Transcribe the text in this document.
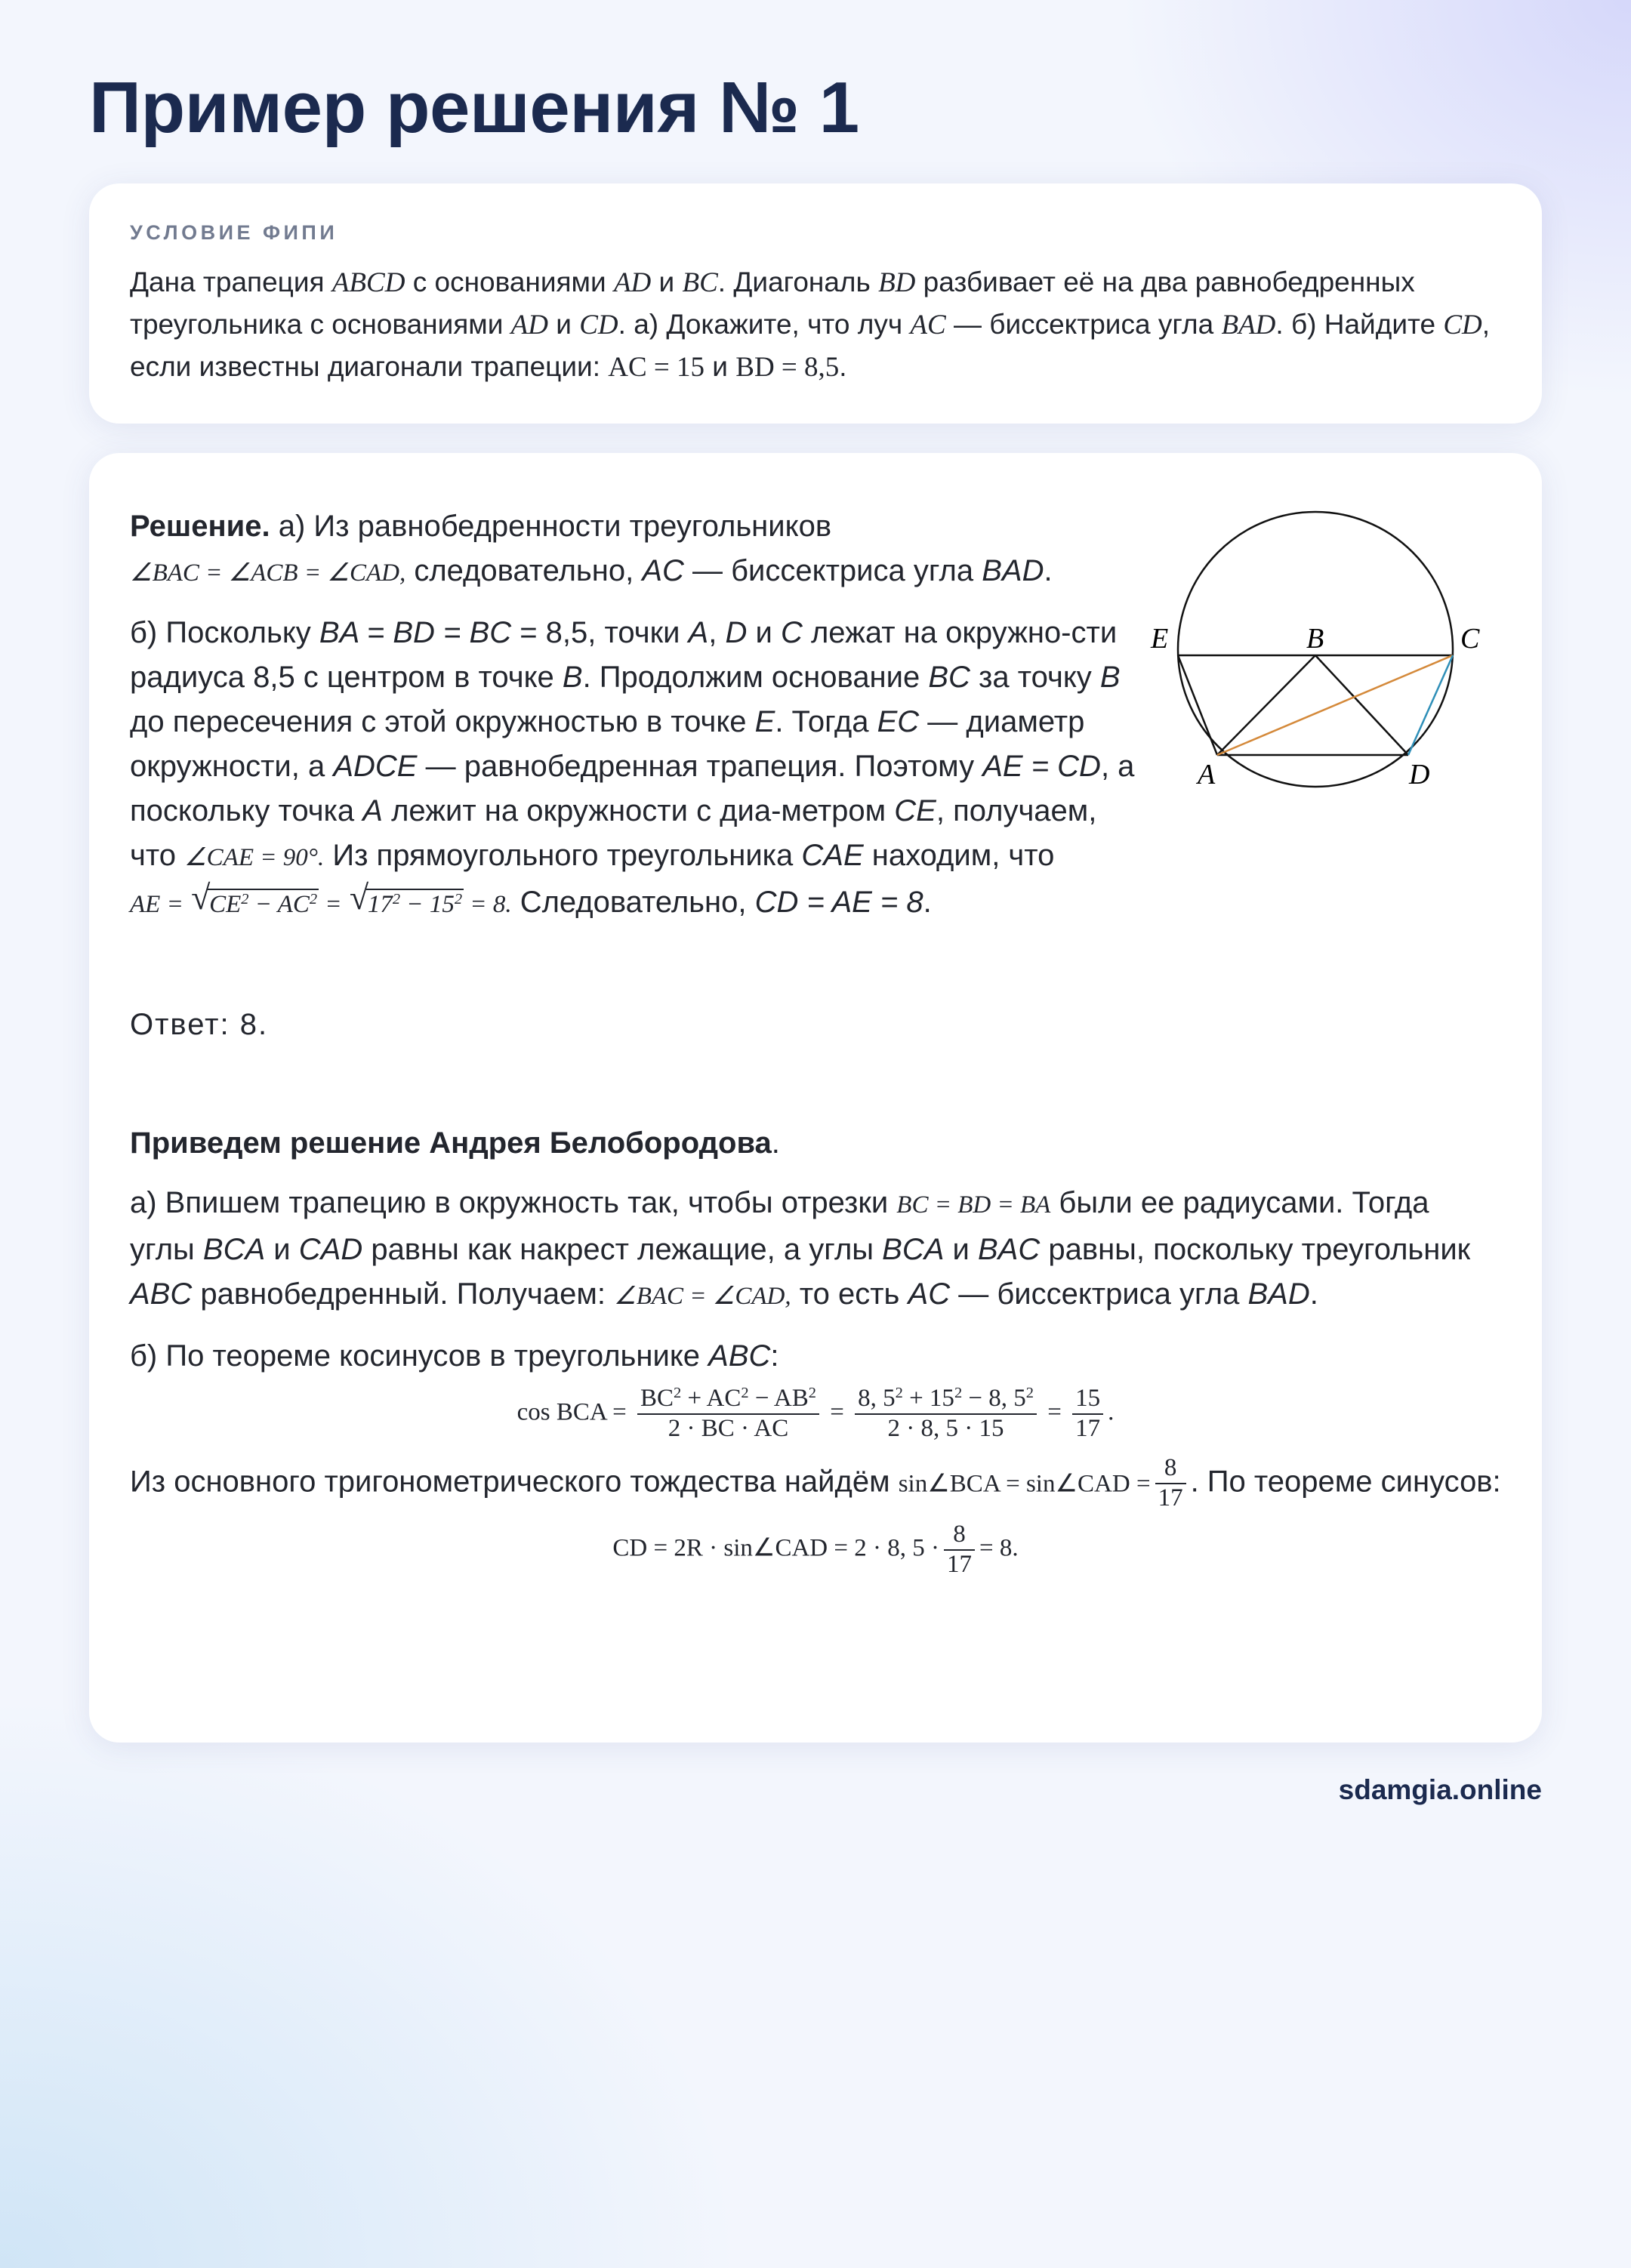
Пример решения № 1
УСЛОВИЕ ФИПИ
Дана трапеция ABCD с основаниями AD и BC. Диагональ BD разбивает её на два равнобедренных треугольника с основаниями AD и CD. а) Докажите, что луч AC — биссектриса угла BAD. б) Найдите CD, если известны диагонали трапеции: AC = 15 и BD = 8,5.
Решение. а) Из равнобедренности треугольников
∠BAC = ∠ACB = ∠CAD, следовательно, AC — биссектриса угла BAD.
б) Поскольку BA = BD = BC = 8,5, точки A, D и C лежат на окружно-сти радиуса 8,5 с центром в точке B. Продолжим основание BC за точку B до пересечения с этой окружностью в точке E. Тогда EC — диаметр окружности, а ADCE — равнобедренная трапеция. Поэтому AE = CD, а поскольку точка A лежит на окружности с диа-метром CE, получаем, что ∠CAE = 90°. Из прямоугольного треугольника CAE находим, что
AE = √ $CE^2 - AC^2$ = √ $17^2 - 15^2 = 8$. Следовательно, CD = AE = 8.
Ответ: 8.
Приведем решение Андрея Белобородова.
а) Впишем трапецию в окружность так, чтобы отрезки BC = BD = BA были ее радиусами. Тогда углы BCA и CAD равны как накрест лежащие, а углы BCA и BAC равны, поскольку треугольник ABC равнобедренный. Получаем: ∠BAC = ∠CAD, то есть AC — биссектриса угла BAD.
б) По теореме косинусов в треугольнике ABC:
cos BCA = $\frac{BC^2 + AC^2 - AB^2}{2 \cdot BC \cdot AC} = \frac{8, 5^2 + 15^2 - 8, 5^2}{2 \cdot 8, 5 \cdot 15} = \frac{15}{17}$ .
Из основного тригонометрического тождества найдём sin∠BCA = sin∠CAD = $\frac{8}{17}$ . По теореме синусов:
CD = 2R · sin∠CAD = 2 · 8, $5 \cdot \frac{8}{17} = 8$.
E	B	C
A	D
sdamgia.online
